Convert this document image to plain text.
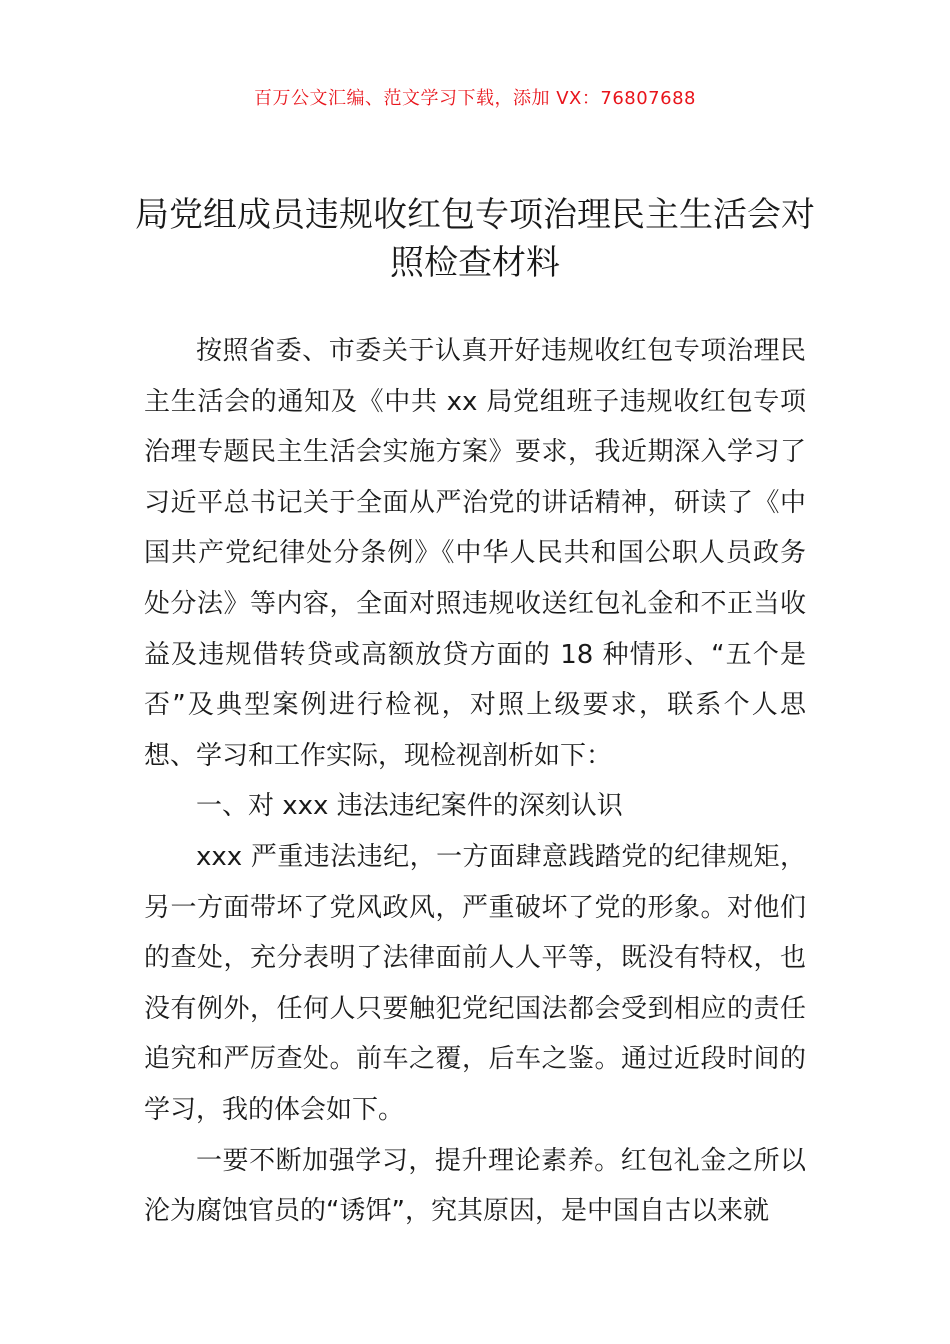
百万公文汇编、范文学习下载，添加 VX：76807688
局党组成员违规收红包专项治理民主生活会对照检查材料

按照省委、市委关于认真开好违规收红包专项治理民主生活会的通知及《中共 xx 局党组班子违规收红包专项治理专题民主生活会实施方案》要求，我近期深入学习了习近平总书记关于全面从严治党的讲话精神，研读了《中国共产党纪律处分条例》《中华人民共和国公职人员政务处分法》等内容，全面对照违规收送红包礼金和不正当收益及违规借转贷或高额放贷方面的 18 种情形、“五个是否”及典型案例进行检视，对照上级要求，联系个人思想、学习和工作实际，现检视剖析如下：

一、对 xxx 违法违纪案件的深刻认识

xxx 严重违法违纪，一方面肆意践踏党的纪律规矩，另一方面带坏了党风政风，严重破坏了党的形象。对他们的查处，充分表明了法律面前人人平等，既没有特权，也没有例外，任何人只要触犯党纪国法都会受到相应的责任追究和严厉查处。前车之覆，后车之鉴。通过近段时间的学习，我的体会如下。

一要不断加强学习，提升理论素养。红包礼金之所以沦为腐蚀官员的“诱饵”，究其原因，是中国自古以来就
